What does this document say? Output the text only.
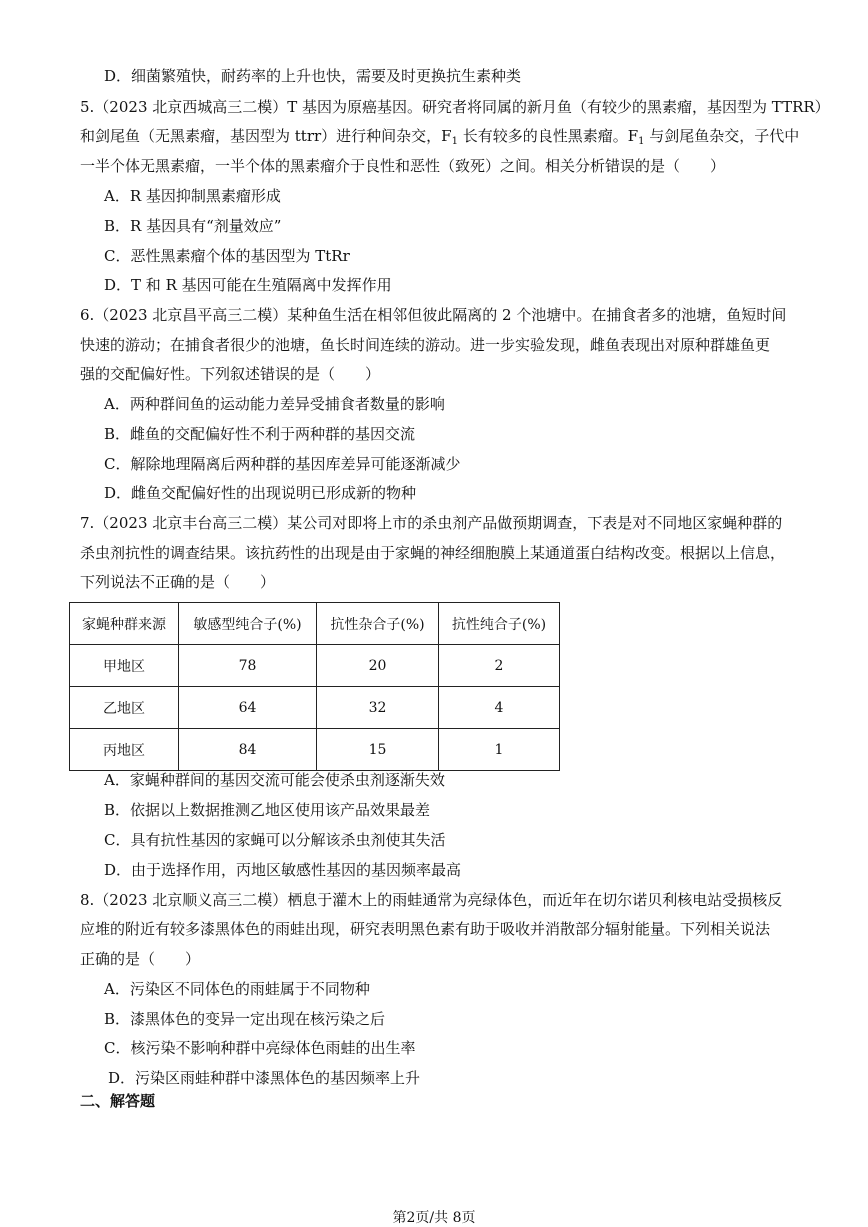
D．细菌繁殖快，耐药率的上升也快，需要及时更换抗生素种类
5.（2023 北京西城高三二模）T 基因为原癌基因。研究者将同属的新月鱼（有较少的黑素瘤，基因型为 TTRR）
和剑尾鱼（无黑素瘤，基因型为 ttrr）进行种间杂交，$F_1$ 长有较多的良性黑素瘤。$F_1$ 与剑尾鱼杂交，子代中
一半个体无黑素瘤，一半个体的黑素瘤介于良性和恶性（致死）之间。相关分析错误的是（　　）
A．R 基因抑制黑素瘤形成
B．R 基因具有“剂量效应”
C．恶性黑素瘤个体的基因型为 TtRr
D．T 和 R 基因可能在生殖隔离中发挥作用
6.（2023 北京昌平高三二模）某种鱼生活在相邻但彼此隔离的 2 个池塘中。在捕食者多的池塘，鱼短时间
快速的游动；在捕食者很少的池塘，鱼长时间连续的游动。进一步实验发现，雌鱼表现出对原种群雄鱼更
强的交配偏好性。下列叙述错误的是（　　）
A．两种群间鱼的运动能力差异受捕食者数量的影响
B．雌鱼的交配偏好性不利于两种群的基因交流
C．解除地理隔离后两种群的基因库差异可能逐渐减少
D．雌鱼交配偏好性的出现说明已形成新的物种
7.（2023 北京丰台高三二模）某公司对即将上市的杀虫剂产品做预期调查，下表是对不同地区家蝇种群的
杀虫剂抗性的调查结果。该抗药性的出现是由于家蝇的神经细胞膜上某通道蛋白结构改变。根据以上信息，
下列说法不正确的是（　　）
家蝇种群来源	敏感型纯合子(%)	抗性杂合子(%)	抗性纯合子(%)
甲地区	78	20	2
乙地区	64	32	4
丙地区	84	15	1
A．家蝇种群间的基因交流可能会使杀虫剂逐渐失效
B．依据以上数据推测乙地区使用该产品效果最差
C．具有抗性基因的家蝇可以分解该杀虫剂使其失活
D．由于选择作用，丙地区敏感性基因的基因频率最高
8.（2023 北京顺义高三二模）栖息于灌木上的雨蛙通常为亮绿体色，而近年在切尔诺贝利核电站受损核反
应堆的附近有较多漆黑体色的雨蛙出现，研究表明黑色素有助于吸收并消散部分辐射能量。下列相关说法
正确的是（　　）
A．污染区不同体色的雨蛙属于不同物种
B．漆黑体色的变异一定出现在核污染之后
C．核污染不影响种群中亮绿体色雨蛙的出生率
D．污染区雨蛙种群中漆黑体色的基因频率上升
二、解答题
第2页/共 8页
